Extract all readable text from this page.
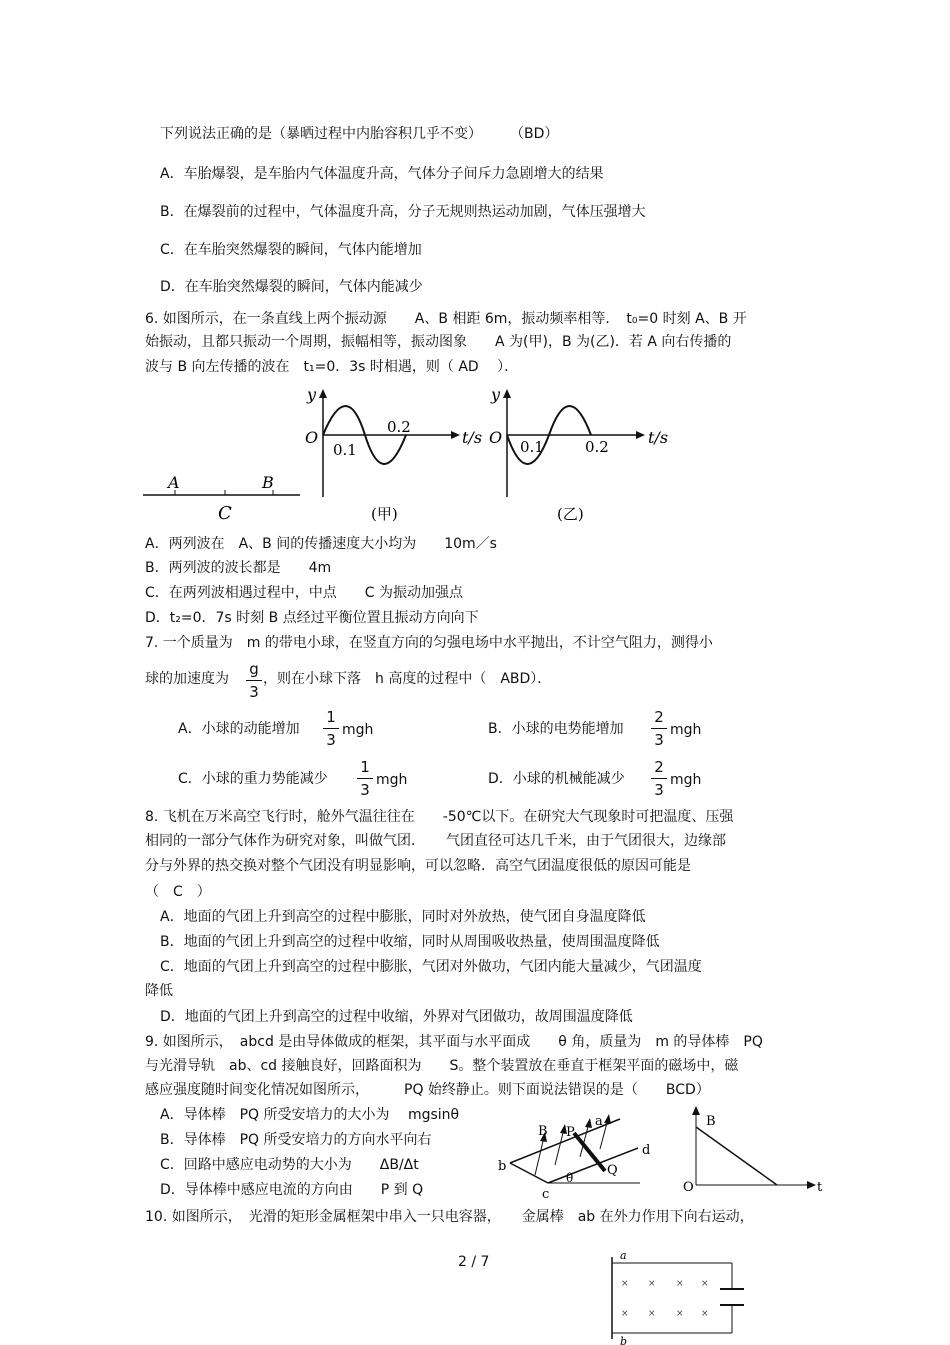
下列说法正确的是（暴晒过程中内胎容积几乎不变）　　　（BD）
A．车胎爆裂，是车胎内气体温度升高，气体分子间斥力急剧增大的结果
B．在爆裂前的过程中，气体温度升高，分子无规则热运动加剧，气体压强增大
C．在车胎突然爆裂的瞬间，气体内能增加
D．在车胎突然爆裂的瞬间，气体内能减少
6. 如图所示，在一条直线上两个振动源　　A、B 相距 6m，振动频率相等．　t₀=0 时刻 A、B 开
始振动，且都只振动一个周期，振幅相等，振动图象　　A 为(甲)，B 为(乙)．若 A 向右传播的
波与 B 向左传播的波在　t₁=0．3s 时相遇，则（ AD　 ）．
A	B
C
y
O
0.1
0.2
t/s
(甲)
y
O 0.1	0.2 t/s
(乙)
A．两列波在　A、B 间的传播速度大小均为　　10m／s
B．两列波的波长都是　　4m
C．在两列波相遇过程中，中点　　C 为振动加强点
D．t₂=0．7s 时刻 B 点经过平衡位置且振动方向向下
7. 一个质量为　m 的带电小球，在竖直方向的匀强电场中水平抛出，不计空气阻力，测得小
球的加速度为
g
3
，则在小球下落　h 高度的过程中（　ABD）．
A．小球的动能增加
1
3
mgh	B．小球的电势能增加
2
3
mgh
C．小球的重力势能减少
1
3
mgh	D．小球的机械能减少
2
3
mgh
8. 飞机在万米高空飞行时，舱外气温往往在　　-50℃以下。在研究大气现象时可把温度、压强
相同的一部分气体作为研究对象，叫做气团．　　气团直径可达几千米，由于气团很大，边缘部
分与外界的热交换对整个气团没有明显影响，可以忽略．高空气团温度很低的原因可能是
（　C　）
A．地面的气团上升到高空的过程中膨胀，同时对外放热，使气团自身温度降低
B．地面的气团上升到高空的过程中收缩，同时从周围吸收热量，使周围温度降低
C．地面的气团上升到高空的过程中膨胀，气团对外做功，气团内能大量减少，气团温度
降低
D．地面的气团上升到高空的过程中收缩，外界对气团做功，故周围温度降低
9. 如图所示，　abcd 是由导体做成的框架，其平面与水平面成　　θ 角，质量为　m 的导体棒　PQ
与光滑导轨　ab、cd 接触良好，回路面积为　　S。整个装置放在垂直于框架平面的磁场中，磁
感应强度随时间变化情况如图所示，　　　PQ 始终静止。则下面说法错误的是（　　BCD）
A．导体棒　PQ 所受安培力的大小为　 mgsinθ
B．导体棒　PQ 所受安培力的方向水平向右
C．回路中感应电动势的大小为　　ΔB/Δt
D．导体棒中感应电流的方向由　　P 到 Q
B P
a
d
b	Q
c
θ
B
O	t
10. 如图所示，　光滑的矩形金属框架中串入一只电容器，　　金属棒　ab 在外力作用下向右运动，
a
b
× × × ×
× × × ×
2 / 7
